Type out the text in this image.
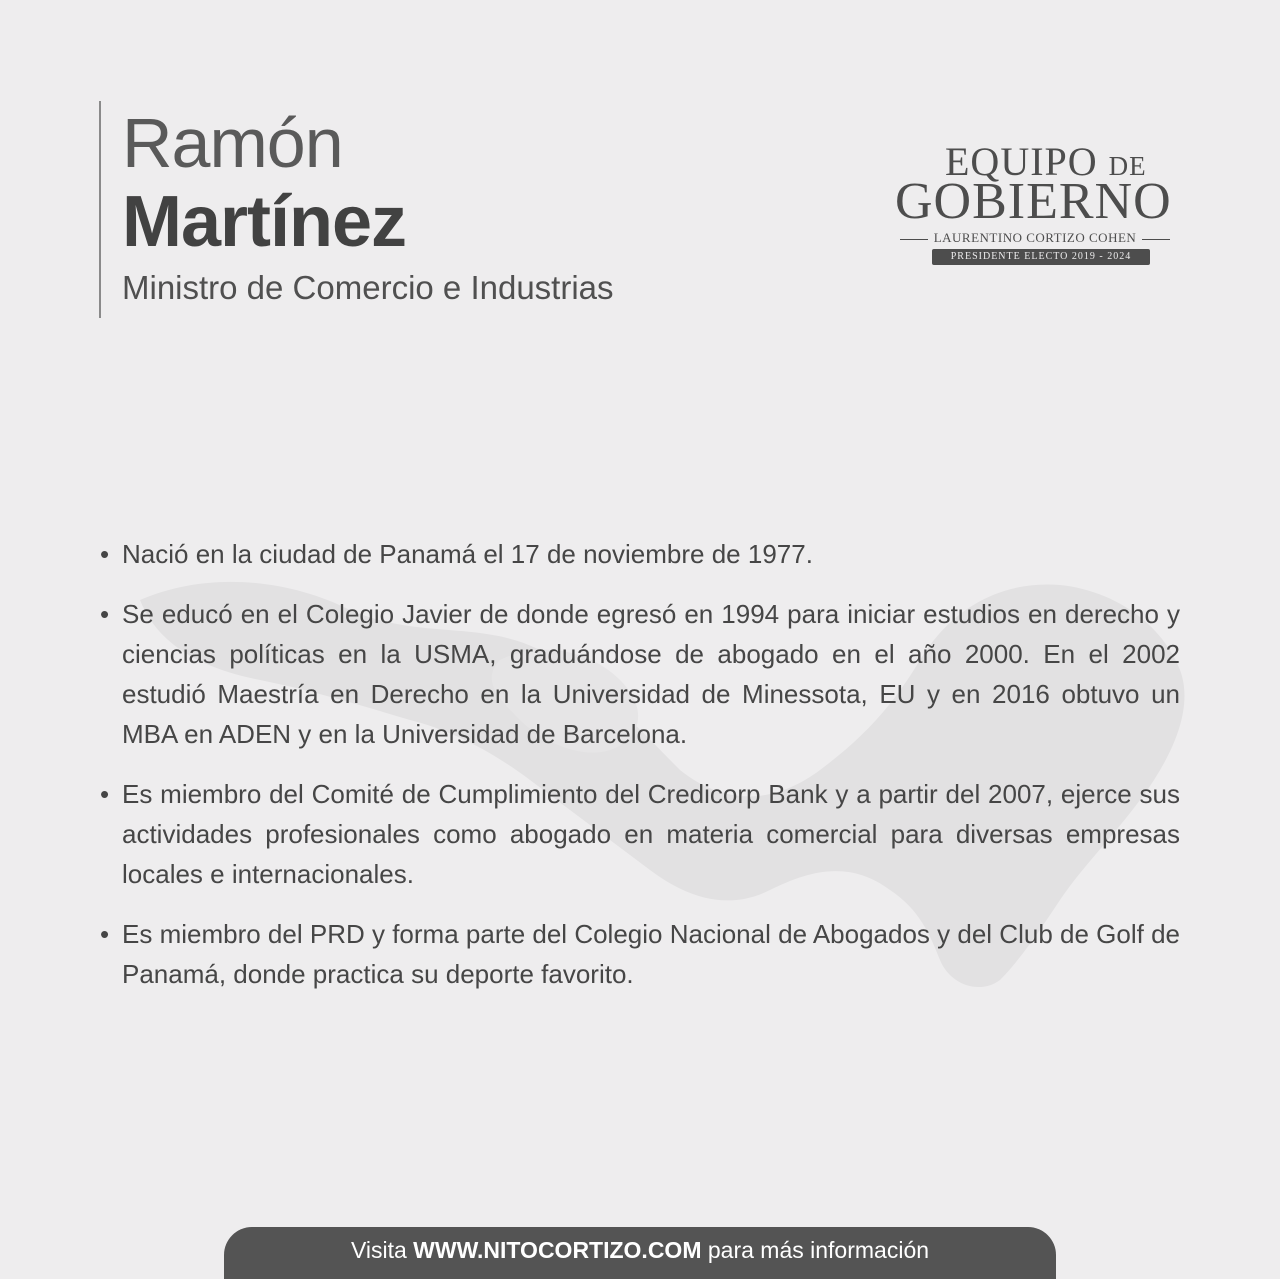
Ramón
Martínez
Ministro de Comercio e Industrias
EQUIPO DE
GOBIERNO
LAURENTINO CORTIZO COHEN
PRESIDENTE ELECTO 2019 - 2024
• Nació en la ciudad de Panamá el 17 de noviembre de 1977.
• Se educó en el Colegio Javier de donde egresó en 1994 para iniciar estudios en derecho y ciencias políticas en la USMA, graduándose de abogado en el año 2000. En el 2002 estudió Maestría en Derecho en la Universidad de Minessota, EU y en 2016 obtuvo un MBA en ADEN y en la Universidad de Barcelona.
• Es miembro del Comité de Cumplimiento del Credicorp Bank y a partir del 2007, ejerce sus actividades profesionales como abogado en materia comercial para diversas empresas locales e internacionales.
• Es miembro del PRD y forma parte del Colegio Nacional de Abogados y del Club de Golf de Panamá, donde practica su deporte favorito.
Visita WWW.NITOCORTIZO.COM para más información
